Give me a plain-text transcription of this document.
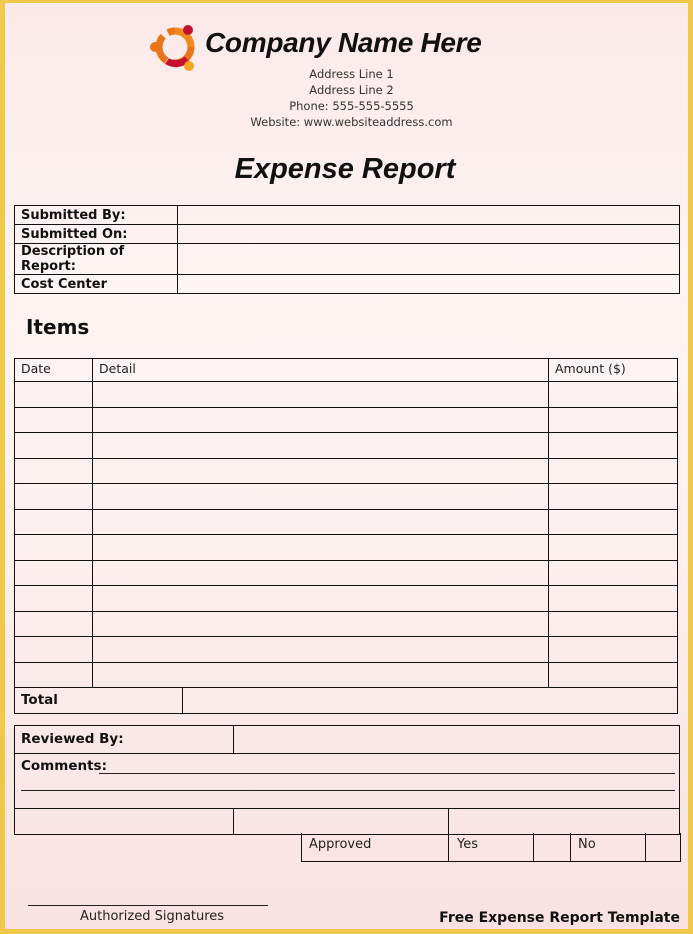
Company Name Here
Address Line 1
Address Line 2
Phone: 555-555-5555
Website: www.websiteaddress.com
Expense Report
Submitted By:	
Submitted On:	
Description of Report:	
Cost Center	
Items
Date	Detail	Amount ($)

Total
Reviewed By:
Comments:
Approved	Yes	No
Authorized Signatures	Free Expense Report Template
